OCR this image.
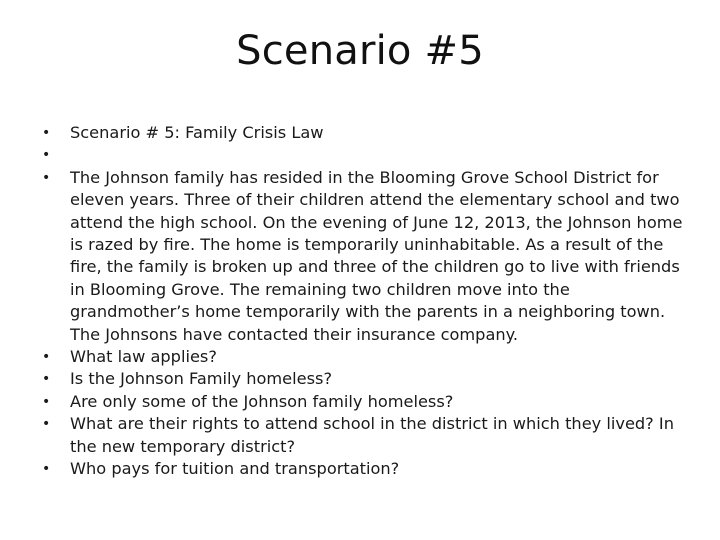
Scenario #5
• Scenario # 5: Family Crisis Law
•

• The Johnson family has resided in the Blooming Grove School District for eleven years. Three of their children attend the elementary school and two attend the high school. On the evening of June 12, 2013, the Johnson home is razed by fire. The home is temporarily uninhabitable. As a result of the fire, the family is broken up and three of the children go to live with friends in Blooming Grove. The remaining two children move into the grandmother’s home temporarily with the parents in a neighboring town. The Johnsons have contacted their insurance company.
• What law applies?
• Is the Johnson Family homeless?
• Are only some of the Johnson family homeless?
• What are their rights to attend school in the district in which they lived? In the new temporary district?
• Who pays for tuition and transportation?
